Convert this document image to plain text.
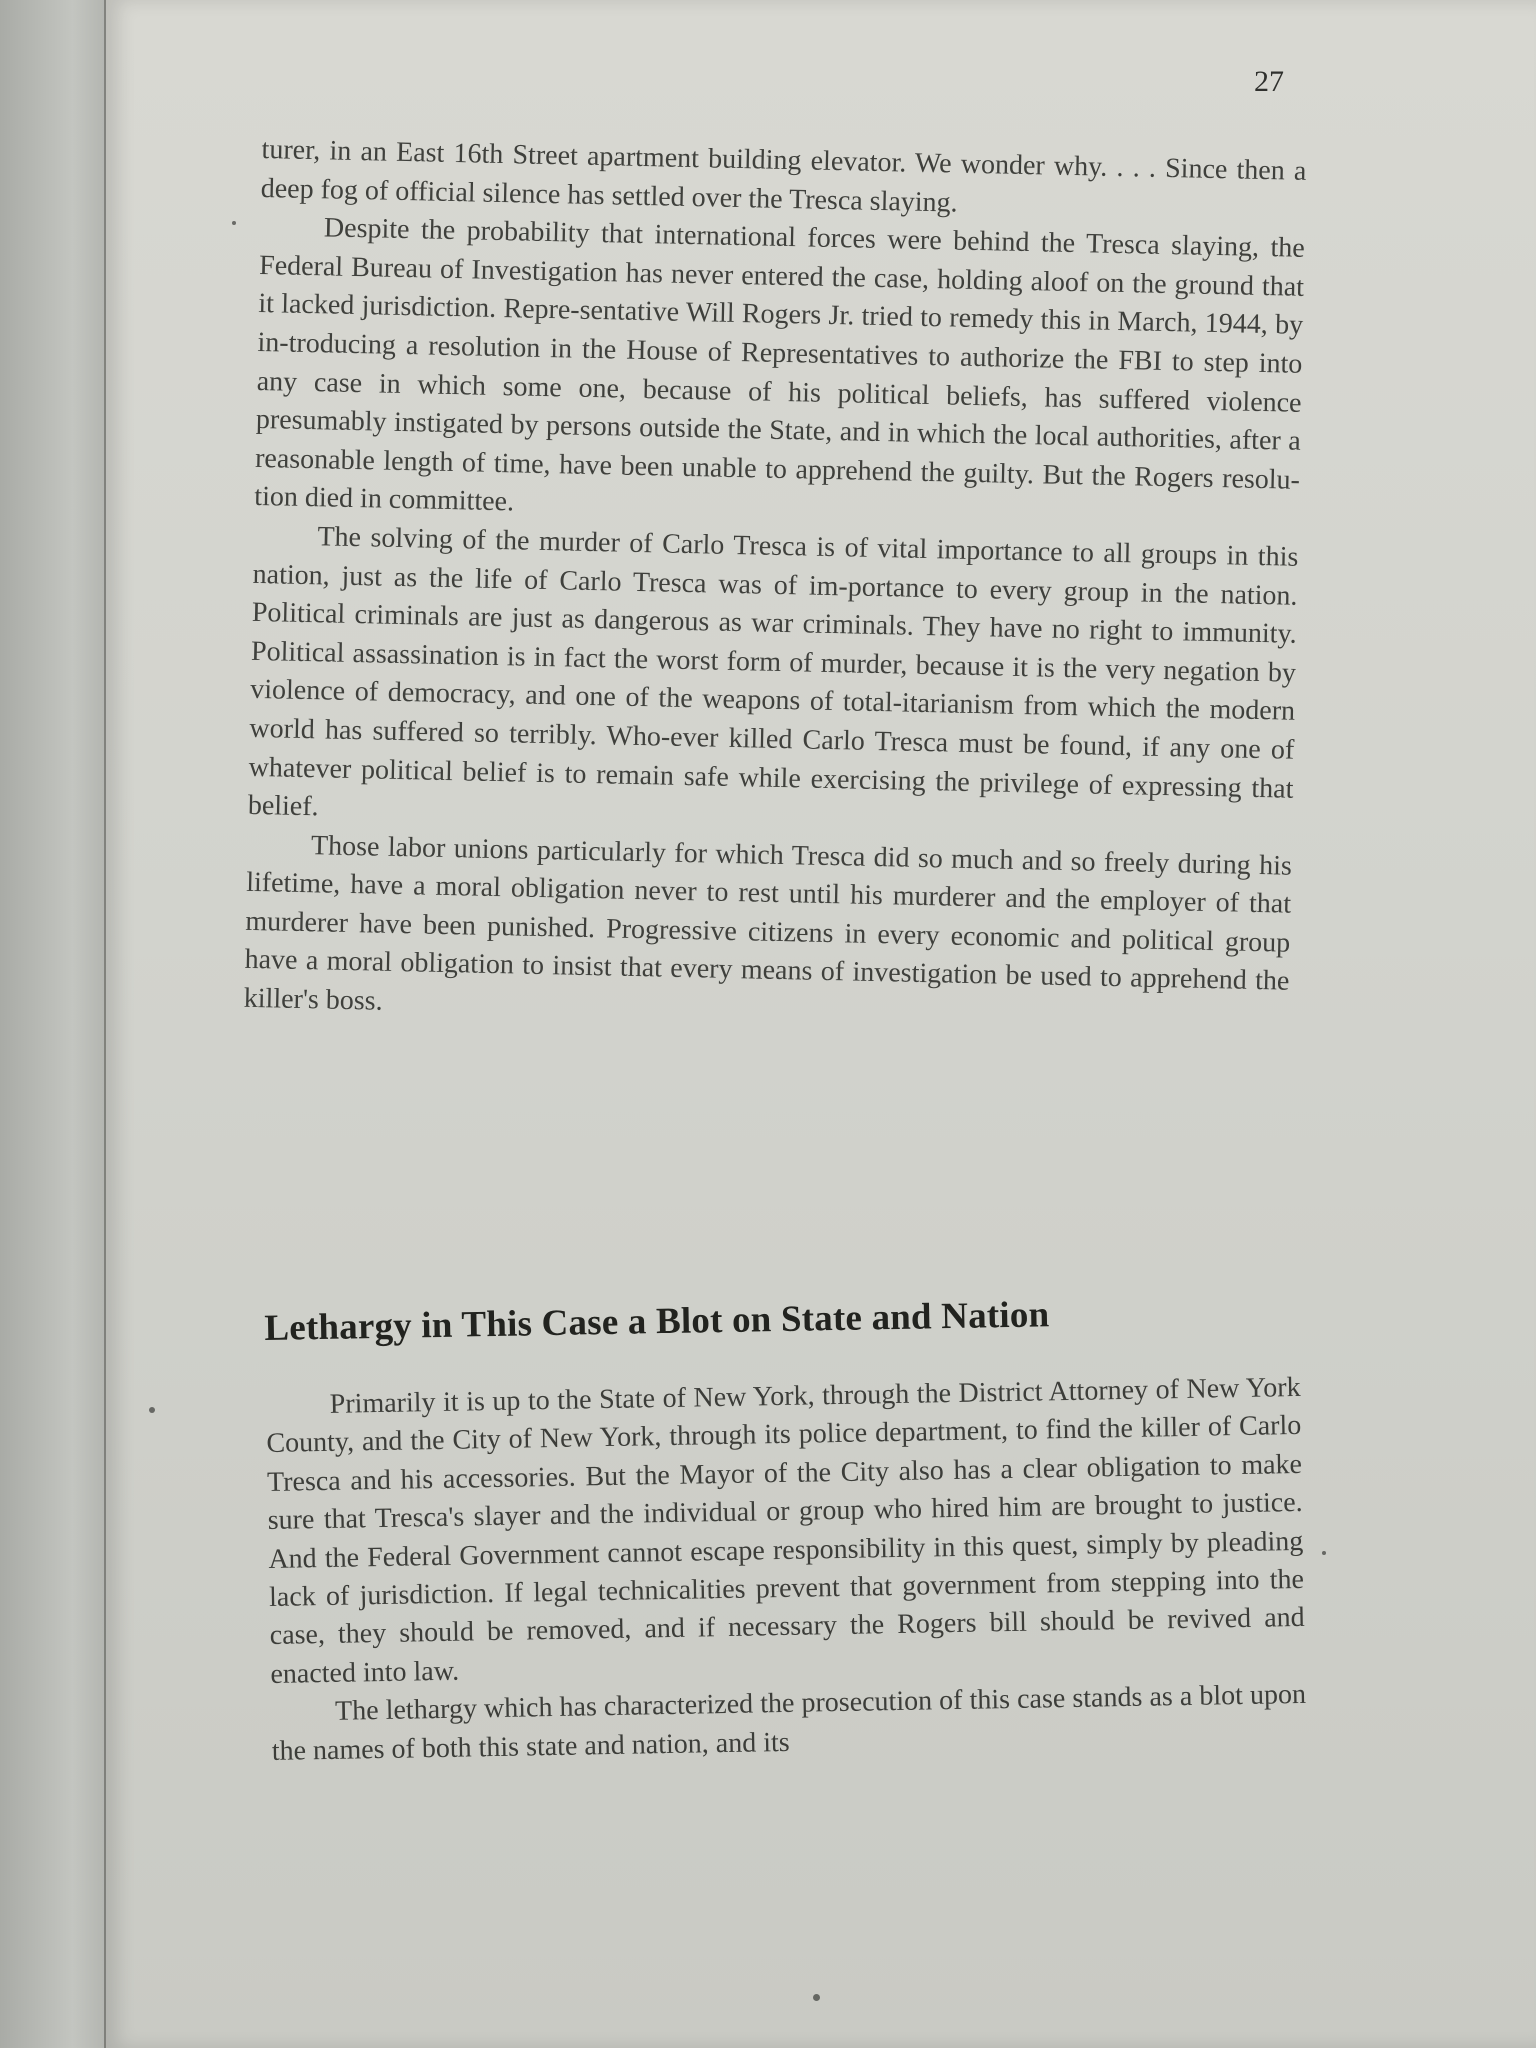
27

turer, in an East 16th Street apartment building elevator. We wonder why. . . . Since then a deep fog of official silence has settled over the Tresca slaying.

Despite the probability that international forces were behind the Tresca slaying, the Federal Bureau of Investigation has never entered the case, holding aloof on the ground that it lacked jurisdiction. Repre-sentative Will Rogers Jr. tried to remedy this in March, 1944, by in-troducing a resolution in the House of Representatives to authorize the FBI to step into any case in which some one, because of his political beliefs, has suffered violence presumably instigated by persons outside the State, and in which the local authorities, after a reasonable length of time, have been unable to apprehend the guilty. But the Rogers resolu-tion died in committee.

The solving of the murder of Carlo Tresca is of vital importance to all groups in this nation, just as the life of Carlo Tresca was of im-portance to every group in the nation. Political criminals are just as dangerous as war criminals. They have no right to immunity. Political assassination is in fact the worst form of murder, because it is the very negation by violence of democracy, and one of the weapons of total-itarianism from which the modern world has suffered so terribly. Who-ever killed Carlo Tresca must be found, if any one of whatever political belief is to remain safe while exercising the privilege of expressing that belief.

Those labor unions particularly for which Tresca did so much and so freely during his lifetime, have a moral obligation never to rest until his murderer and the employer of that murderer have been punished. Progressive citizens in every economic and political group have a moral obligation to insist that every means of investigation be used to apprehend the killer's boss.

Lethargy in This Case a Blot on State and Nation

Primarily it is up to the State of New York, through the District Attorney of New York County, and the City of New York, through its police department, to find the killer of Carlo Tresca and his accessories. But the Mayor of the City also has a clear obligation to make sure that Tresca's slayer and the individual or group who hired him are brought to justice. And the Federal Government cannot escape responsibility in this quest, simply by pleading lack of jurisdiction. If legal technicalities prevent that government from stepping into the case, they should be removed, and if necessary the Rogers bill should be revived and enacted into law.

The lethargy which has characterized the prosecution of this case stands as a blot upon the names of both this state and nation, and its
